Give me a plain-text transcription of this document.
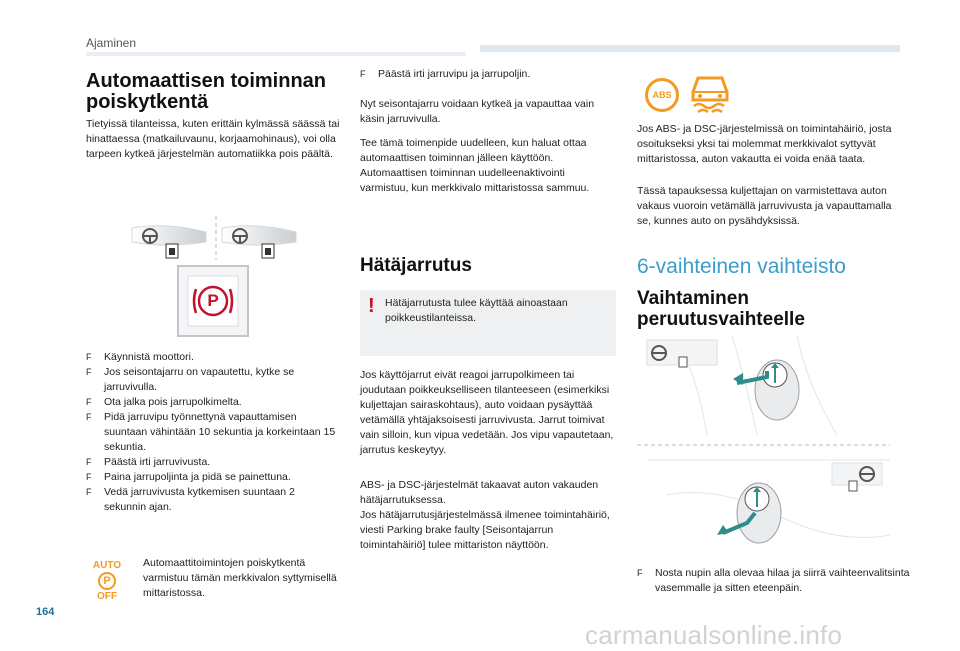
Ajaminen
Automaattisen toiminnan poiskytkentä

Tietyissä tilanteissa, kuten erittäin kylmässä säässä tai hinattaessa (matkailuvaunu, korjaamohinaus), voi olla tarpeen kytkeä järjestelmän automatiikka pois päältä.

P

F Käynnistä moottori.

F Jos seisontajarru on vapautettu, kytke se jarruvivulla.

F Ota jalka pois jarrupolkimelta.

F Pidä jarruvipu työnnettynä vapauttamisen suuntaan vähintään 10 sekuntia ja korkeintaan 15 sekuntia.

F Päästä irti jarruvivusta.

F Paina jarrupoljinta ja pidä se painettuna.

F Vedä jarruvivusta kytkemisen suuntaan 2 sekunnin ajan.

AUTO
P
OFF

Automaattitoimintojen poiskytkentä varmistuu tämän merkkivalon syttymisellä mittaristossa.

F Päästä irti jarruvipu ja jarrupoljin.

Nyt seisontajarru voidaan kytkeä ja vapauttaa vain käsin jarruvivulla.

Tee tämä toimenpide uudelleen, kun haluat ottaa automaattisen toiminnan jälleen käyttöön. Automaattisen toiminnan uudelleenaktivointi varmistuu, kun merkkivalo mittaristossa sammuu.

Hätäjarrutus
! Hätäjarrutusta tulee käyttää ainoastaan poikkeustilanteissa.

Jos käyttöjarrut eivät reagoi jarrupolkimeen tai joudutaan poikkeukselliseen tilanteeseen (esimerkiksi kuljettajan sairaskohtaus), auto voidaan pysäyttää vetämällä yhtäjaksoisesti jarruvivusta. Jarrut toimivat vain silloin, kun vipua vedetään. Jos vipu vapautetaan, jarrutus keskeytyy.

ABS- ja DSC-järjestelmät takaavat auton vakauden hätäjarrutuksessa.

Jos hätäjarrutusjärjestelmässä ilmenee toimintahäiriö, viesti Parking brake faulty [Seisontajarrun toimintahäiriö] tulee mittariston näyttöön.

ABS

Jos ABS- ja DSC-järjestelmissä on toimintahäiriö, josta osoitukseksi yksi tai molemmat merkkivalot syttyvät mittaristossa, auton vakautta ei voida enää taata.

Tässä tapauksessa kuljettajan on varmistettava auton vakaus vuoroin vetämällä jarruvivusta ja vapauttamalla se, kunnes auto on pysähdyksissä.

6-vaihteinen vaihteisto
Vaihtaminen peruutusvaihteelle

F Nosta nupin alla olevaa hilaa ja siirrä vaihteenvalitsinta vasemmalle ja sitten eteenpäin.

164
carmanualsonline.info
